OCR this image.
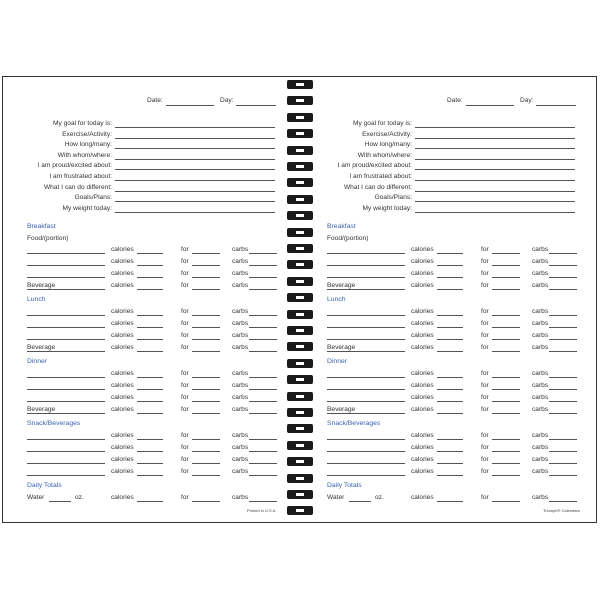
Date:	Day:
My goal for today is:
Exercise/Activity:
How long/many:
With whom/where:
I am proud/excited about:
I am frustrated about:
What I can do different:
Goals/Plans:
My weight today:
Breakfast
Food/(portion)
calories	for	carbs
calories	for	carbs
calories	for	carbs
Beverage	calories	for	carbs
Lunch
calories	for	carbs
calories	for	carbs
calories	for	carbs
Beverage	calories	for	carbs
Dinner
calories	for	carbs
calories	for	carbs
calories	for	carbs
Beverage	calories	for	carbs
Snack/Beverages
calories	for	carbs
calories	for	carbs
calories	for	carbs
calories	for	carbs
Daily Totals
Water	oz.	calories	for	carbs
Printed in U.S.A.
Date:	Day:
My goal for today is:
Exercise/Activity:
How long/many:
With whom/where:
I am proud/excited about:
I am frustrated about:
What I can do different:
Goals/Plans:
My weight today:
Breakfast
Food/(portion)
calories	for	carbs
calories	for	carbs
calories	for	carbs
Beverage	calories	for	carbs
Lunch
calories	for	carbs
calories	for	carbs
calories	for	carbs
Beverage	calories	for	carbs
Dinner
calories	for	carbs
calories	for	carbs
calories	for	carbs
Beverage	calories	for	carbs
Snack/Beverages
calories	for	carbs
calories	for	carbs
calories	for	carbs
calories	for	carbs
Daily Totals
Water	oz.	calories	for	carbs
Triumph® Calendars
